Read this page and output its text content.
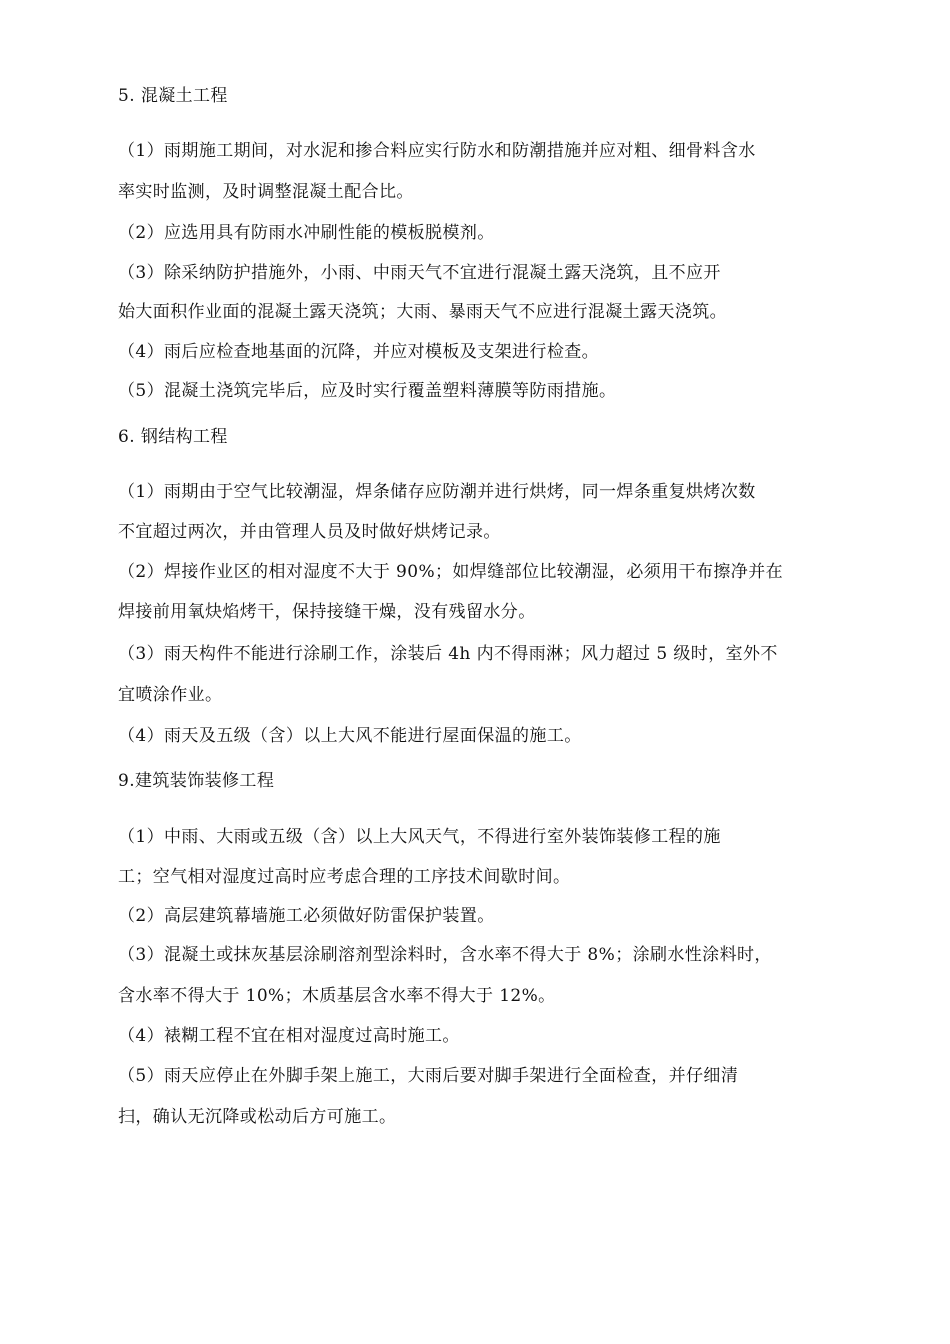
5. 混凝土工程
（1）雨期施工期间，对水泥和掺合料应实行防水和防潮措施并应对粗、细骨料含水
率实时监测，及时调整混凝土配合比。
（2）应选用具有防雨水冲刷性能的模板脱模剂。
（3）除采纳防护措施外，小雨、中雨天气不宜进行混凝土露天浇筑，且不应开
始大面积作业面的混凝土露天浇筑；大雨、暴雨天气不应进行混凝土露天浇筑。
（4）雨后应检查地基面的沉降，并应对模板及支架进行检查。
（5）混凝土浇筑完毕后，应及时实行覆盖塑料薄膜等防雨措施。
6. 钢结构工程
（1）雨期由于空气比较潮湿，焊条储存应防潮并进行烘烤，同一焊条重复烘烤次数
不宜超过两次，并由管理人员及时做好烘烤记录。
（2）焊接作业区的相对湿度不大于 90%；如焊缝部位比较潮湿，必须用干布擦净并在
焊接前用氧炔焰烤干，保持接缝干燥，没有残留水分。
（3）雨天构件不能进行涂刷工作，涂装后 4h 内不得雨淋；风力超过 5 级时，室外不
宜喷涂作业。
（4）雨天及五级（含）以上大风不能进行屋面保温的施工。
9.建筑装饰装修工程
（1）中雨、大雨或五级（含）以上大风天气，不得进行室外装饰装修工程的施
工；空气相对湿度过高时应考虑合理的工序技术间歇时间。
（2）高层建筑幕墙施工必须做好防雷保护装置。
（3）混凝土或抹灰基层涂刷溶剂型涂料时，含水率不得大于 8%；涂刷水性涂料时，
含水率不得大于 10%；木质基层含水率不得大于 12%。
（4）裱糊工程不宜在相对湿度过高时施工。
（5）雨天应停止在外脚手架上施工，大雨后要对脚手架进行全面检查，并仔细清
扫，确认无沉降或松动后方可施工。
